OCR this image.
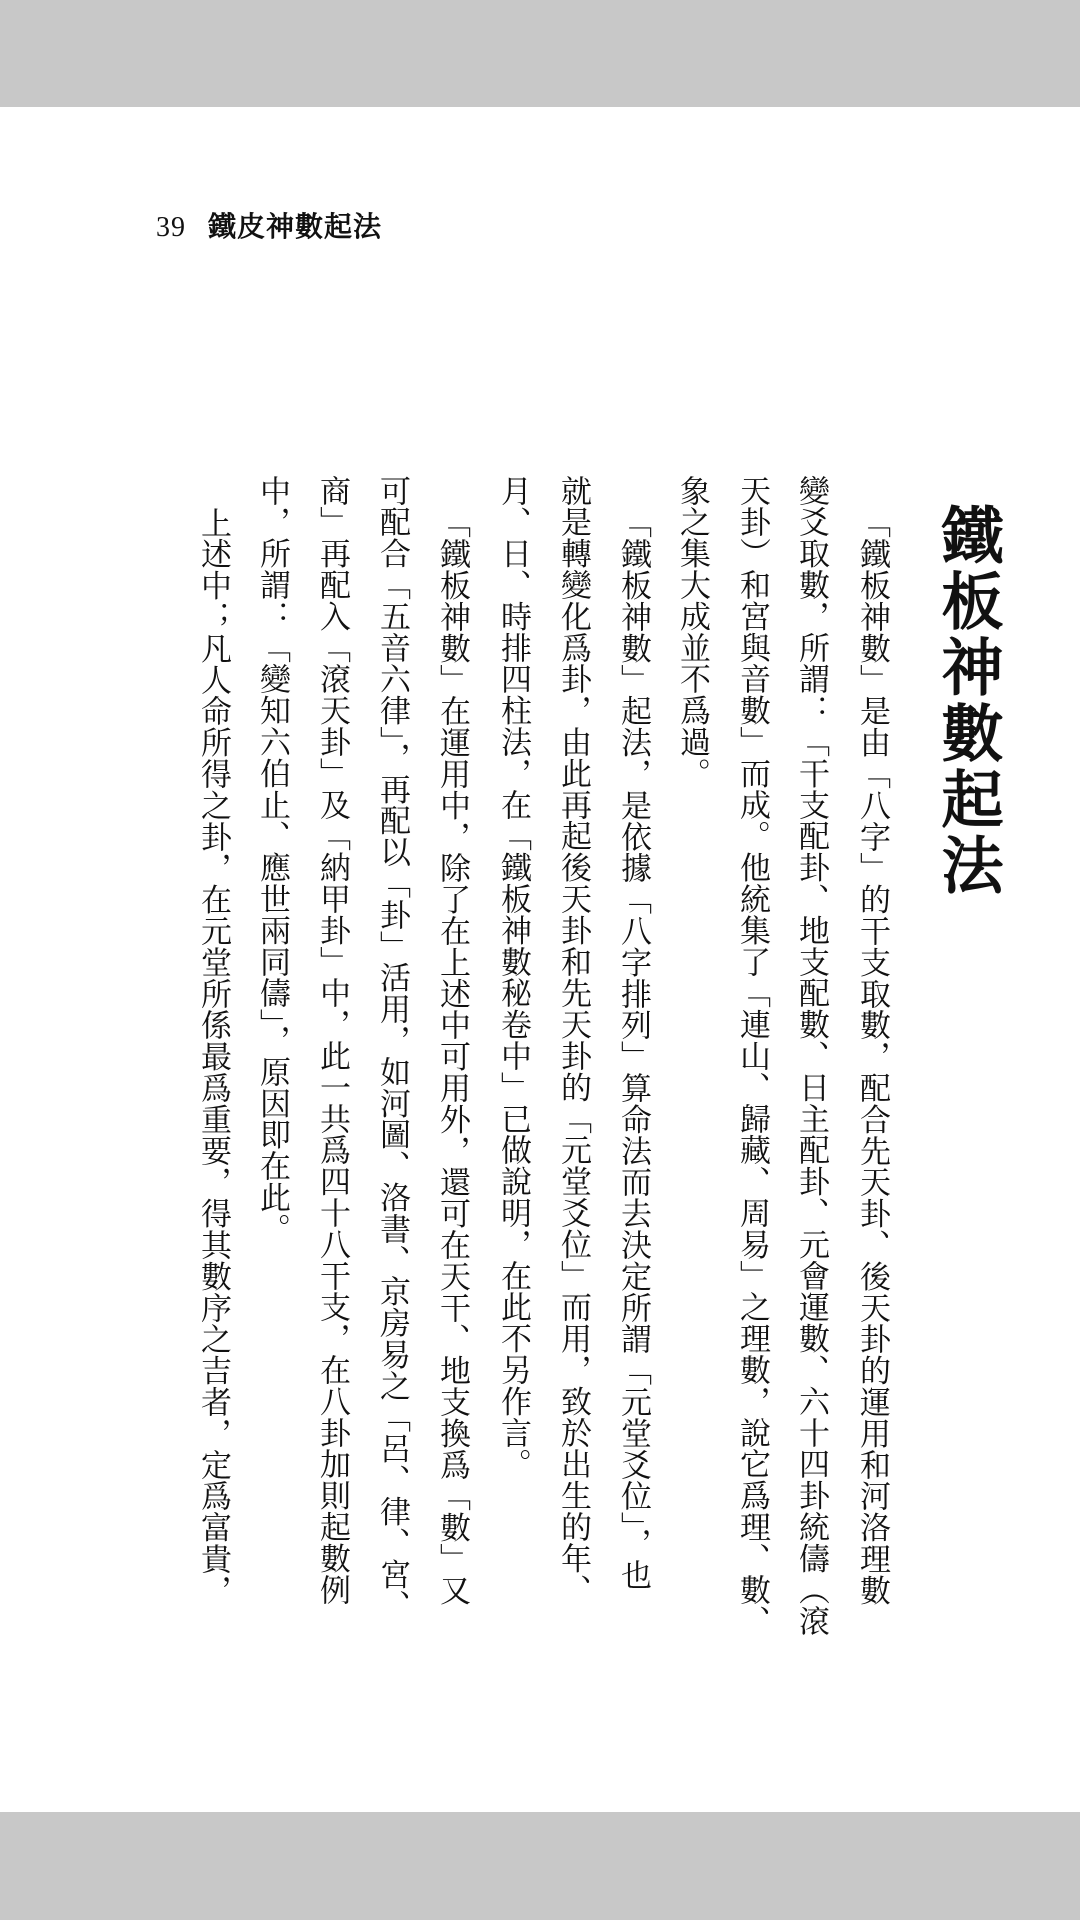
39 鐵皮神數起法
鐵板神數起法
「鐵板神數」是由「八字」的干支取數，配合先天卦、後天卦的運用和河洛理數
變爻取數，所謂：「干支配卦、地支配數、日主配卦、元會運數、六十四卦統儔（滾
天卦）和宮與音數」而成。他統集了「連山、歸藏、周易」之理數，說它爲理、數、
象之集大成並不爲過。
「鐵板神數」起法，是依據「八字排列」算命法而去決定所謂「元堂爻位」，也
就是轉變化爲卦，由此再起後天卦和先天卦的「元堂爻位」而用，致於出生的年、
月、日、時排四柱法，在「鐵板神數秘卷中」已做說明，在此不另作言。
「鐵板神數」在運用中，除了在上述中可用外，還可在天干、地支換爲「數」又
可配合「五音六律」，再配以「卦」活用，如河圖、洛書、京房易之「呂、律、宮、
商」再配入「滾天卦」及「納甲卦」中，此一共爲四十八干支，在八卦加則起數例
中，所謂：「變知六伯止、應世兩同儔」，原因即在此。
上述中；凡人命所得之卦，在元堂所係最爲重要，得其數序之吉者，定爲富貴，
